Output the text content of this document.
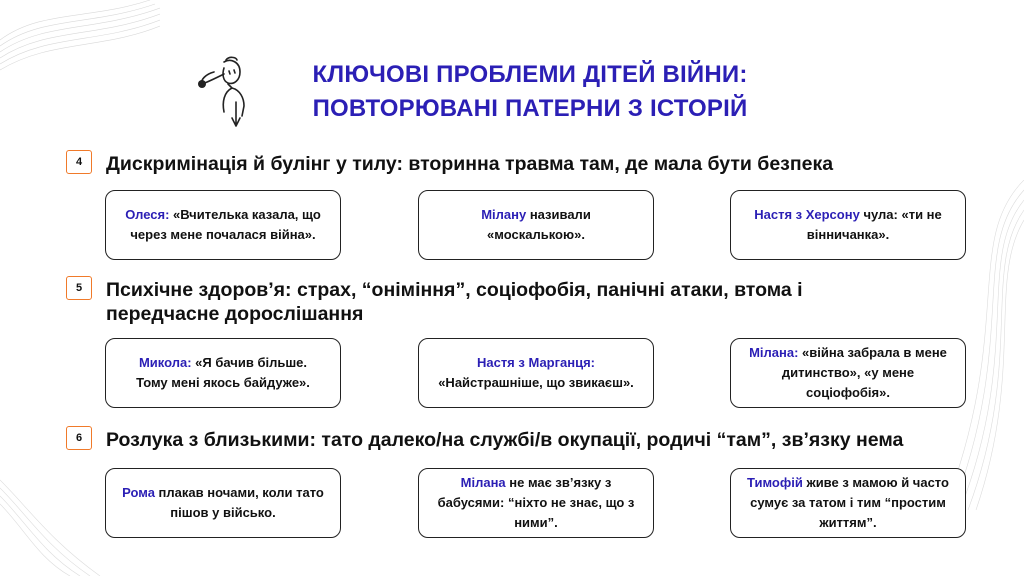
КЛЮЧОВІ ПРОБЛЕМИ ДІТЕЙ ВІЙНИ:
ПОВТОРЮВАНІ ПАТЕРНИ З ІСТОРІЙ
4	Дискримінація й булінг у тилу: вторинна травма там, де мала бути безпека
Олеся: «Вчителька казала, що через мене почалася війна».
Мілану називали «москалькою».
Настя з Херсону чула: «ти не вінничанка».
5	Психічне здоров’я: страх, “оніміння”, соціофобія, панічні атаки, втома і передчасне дорослішання
Микола: «Я бачив більше. Тому мені якось байдуже».
Настя з Марганця: «Найстрашніше, що звикаєш».
Мілана: «війна забрала в мене дитинство», «у мене соціофобія».
6	Розлука з близькими: тато далеко/на службі/в окупації, родичі “там”, зв’язку нема
Рома плакав ночами, коли тато пішов у військо.
Мілана не має зв’язку з бабусями: “ніхто не знає, що з ними”.
Тимофій живе з мамою й часто сумує за татом і тим “простим життям”.
